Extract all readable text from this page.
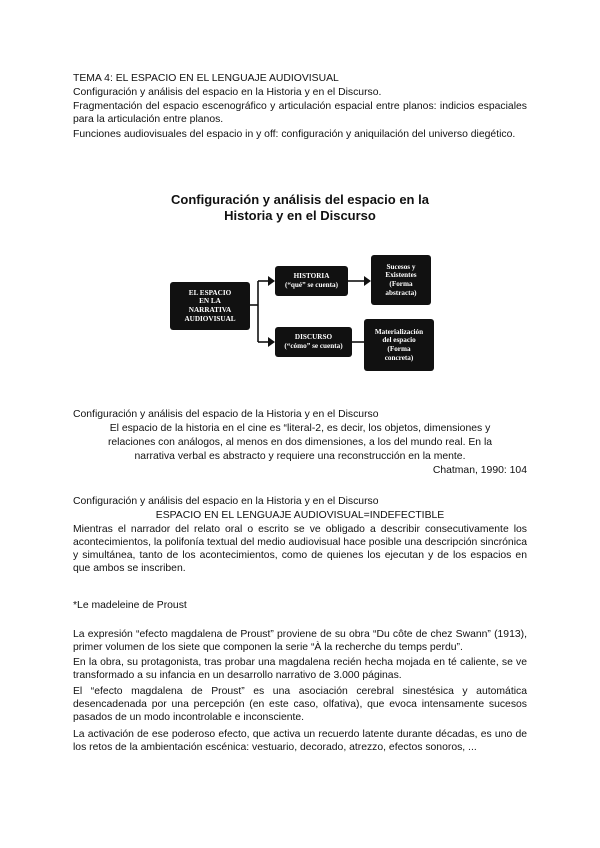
TEMA 4: EL ESPACIO EN EL LENGUAJE AUDIOVISUAL
Configuración y análisis del espacio en la Historia y en el Discurso.
Fragmentación del espacio escenográfico y articulación espacial entre planos: indicios espaciales para la articulación entre planos.
Funciones audiovisuales del espacio in y off: configuración y aniquilación del universo diegético.
Configuración y análisis del espacio en la
Historia y en el Discurso
EL ESPACIO
EN LA
NARRATIVA
AUDIOVISUAL
HISTORIA
(“qué” se cuenta)
DISCURSO
(“cómo” se cuenta)
Sucesos y
Existentes
(Forma
abstracta)
Materialización
del espacio
(Forma
concreta)
Configuración y análisis del espacio de la Historia y en el Discurso
El espacio de la historia en el cine es “literal-2, es decir, los objetos, dimensiones y
relaciones con análogos, al menos en dos dimensiones, a los del mundo real. En la
narrativa verbal es abstracto y requiere una reconstrucción en la mente.
Chatman, 1990: 104
Configuración y análisis del espacio en la Historia y en el Discurso
ESPACIO EN EL LENGUAJE AUDIOVISUAL=INDEFECTIBLE
Mientras el narrador del relato oral o escrito se ve obligado a describir consecutivamente los acontecimientos, la polifonía textual del medio audiovisual hace posible una descripción sincrónica y simultánea, tanto de los acontecimientos, como de quienes los ejecutan y de los espacios en que ambos se inscriben.
*Le madeleine de Proust
La expresión “efecto magdalena de Proust” proviene de su obra “Du côte de chez Swann” (1913), primer volumen de los siete que componen la serie “À la recherche du temps perdu”.
En la obra, su protagonista, tras probar una magdalena recién hecha mojada en té caliente, se ve transformado a su infancia en un desarrollo narrativo de 3.000 páginas.
El “efecto magdalena de Proust” es una asociación cerebral sinestésica y automática desencadenada por una percepción (en este caso, olfativa), que evoca intensamente sucesos pasados de un modo incontrolable e inconsciente.
La activación de ese poderoso efecto, que activa un recuerdo latente durante décadas, es uno de los retos de la ambientación escénica: vestuario, decorado, atrezzo, efectos sonoros, ...
